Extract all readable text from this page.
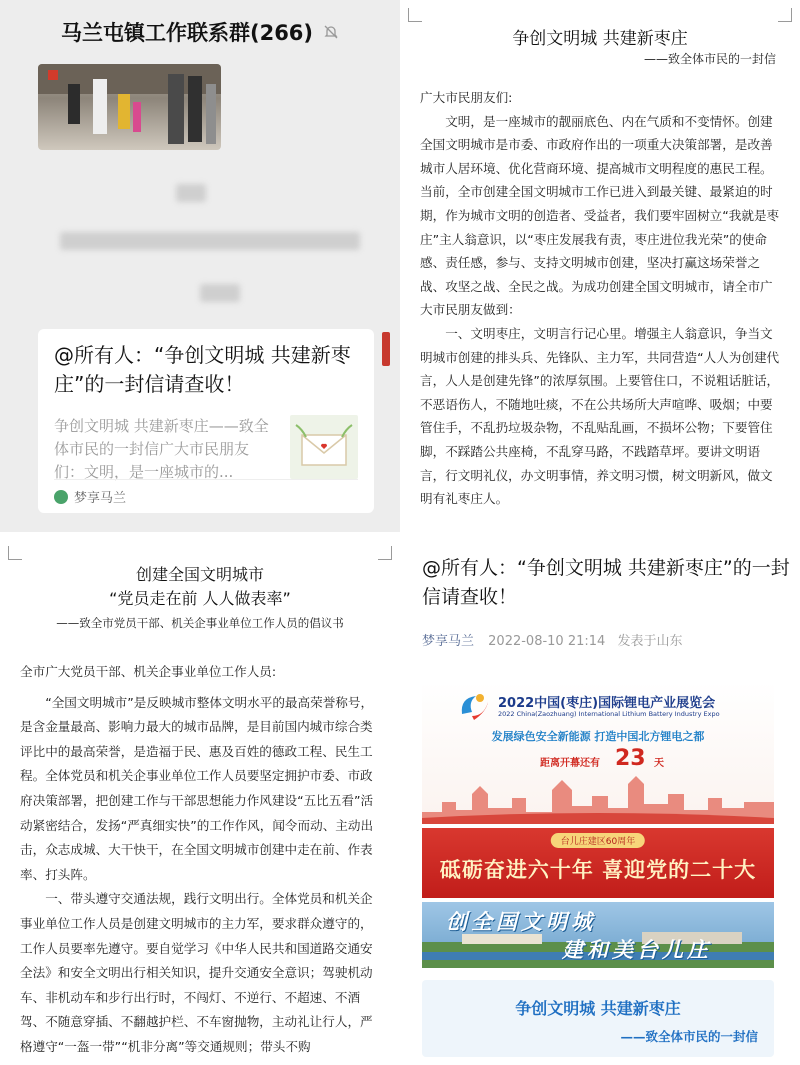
马兰屯镇工作联系群(266)
@所有人：“争创文明城 共建新枣庄”的一封信请查收！
争创文明城 共建新枣庄——致全体市民的一封信广大市民朋友们：文明，是一座城市的...
梦享马兰
争创文明城 共建新枣庄
——致全体市民的一封信

广大市民朋友们:

文明，是一座城市的靓丽底色、内在气质和不变情怀。创建全国文明城市是市委、市政府作出的一项重大决策部署，是改善城市人居环境、优化营商环境、提高城市文明程度的惠民工程。当前，全市创建全国文明城市工作已进入到最关键、最紧迫的时期，作为城市文明的创造者、受益者，我们要牢固树立“我就是枣庄”主人翁意识，以“枣庄发展我有责，枣庄进位我光荣”的使命感、责任感，参与、支持文明城市创建，坚决打赢这场荣誉之战、攻坚之战、全民之战。为成功创建全国文明城市，请全市广大市民朋友做到：

一、文明枣庄，文明言行记心里。增强主人翁意识，争当文明城市创建的排头兵、先锋队、主力军，共同营造“人人为创建代言，人人是创建先锋”的浓厚氛围。上要管住口，不说粗话脏话，不恶语伤人，不随地吐痰，不在公共场所大声喧哗、吸烟；中要管住手，不乱扔垃圾杂物，不乱贴乱画，不损坏公物；下要管住脚，不踩踏公共座椅，不乱穿马路，不践踏草坪。要讲文明语言，行文明礼仪，办文明事情，养文明习惯，树文明新风，做文明有礼枣庄人。

创建全国文明城市
“党员走在前 人人做表率”
——致全市党员干部、机关企事业单位工作人员的倡议书

全市广大党员干部、机关企事业单位工作人员:

“全国文明城市”是反映城市整体文明水平的最高荣誉称号，是含金量最高、影响力最大的城市品牌，是目前国内城市综合类评比中的最高荣誉，是造福于民、惠及百姓的德政工程、民生工程。全体党员和机关企事业单位工作人员要坚定拥护市委、市政府决策部署，把创建工作与干部思想能力作风建设“五比五看”活动紧密结合，发扬“严真细实快”的工作作风，闻令而动、主动出击，众志成城、大干快干，在全国文明城市创建中走在前、作表率、打头阵。

一、带头遵守交通法规，践行文明出行。全体党员和机关企事业单位工作人员是创建文明城市的主力军，要求群众遵守的，工作人员要率先遵守。要自觉学习《中华人民共和国道路交通安全法》和安全文明出行相关知识，提升交通安全意识；驾驶机动车、非机动车和步行出行时，不闯灯、不逆行、不超速、不酒驾、不随意穿插、不翻越护栏、不车窗抛物，主动礼让行人，严格遵守“一盔一带”“机非分离”等交通规则；带头不购

@所有人：“争创文明城 共建新枣庄”的一封信请查收！
梦享马兰 2022-08-10 21:14 发表于山东
2022中国(枣庄)国际锂电产业展览会
2022 China(Zaozhuang) International Lithium Battery Industry Expo
发展绿色安全新能源 打造中国北方锂电之都
距离开幕还有 23 天
台儿庄建区60周年
砥砺奋进六十年 喜迎党的二十大
创全国文明城
建和美台儿庄
争创文明城 共建新枣庄
——致全体市民的一封信
